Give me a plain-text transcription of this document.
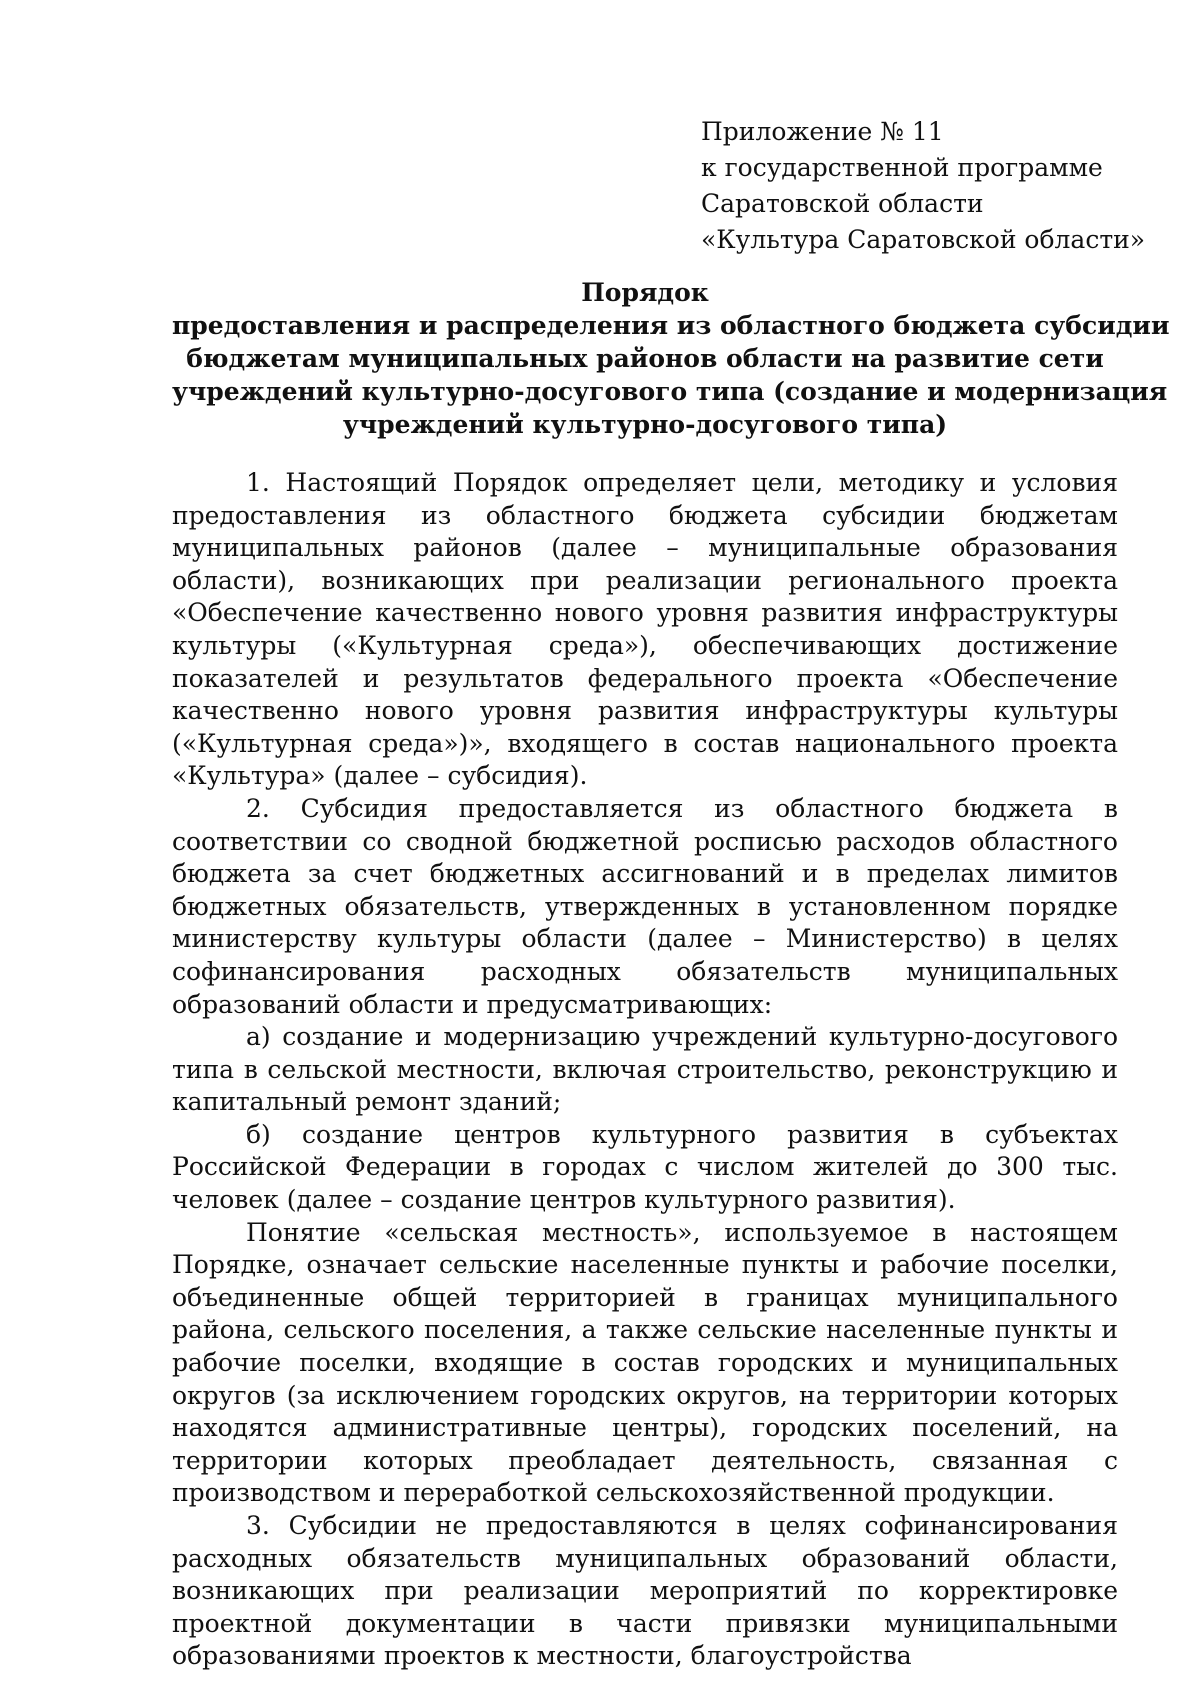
Приложение № 11
к государственной программе
Саратовской области
«Культура Саратовской области»
Порядок
предоставления и распределения из областного бюджета субсидии
бюджетам муниципальных районов области на развитие сети
учреждений культурно-досугового типа (создание и модернизация
учреждений культурно-досугового типа)

1. Настоящий Порядок определяет цели, методику и условия предоставления из областного бюджета субсидии бюджетам муниципальных районов (далее – муниципальные образования области), возникающих при реализации регионального проекта «Обеспечение качественно нового уровня развития инфраструктуры культуры («Культурная среда»), обеспечивающих достижение показателей и результатов федерального проекта «Обеспечение качественно нового уровня развития инфраструктуры культуры («Культурная среда»)», входящего в состав национального проекта «Культура» (далее – субсидия).

2. Субсидия предоставляется из областного бюджета в соответствии со сводной бюджетной росписью расходов областного бюджета за счет бюджетных ассигнований и в пределах лимитов бюджетных обязательств, утвержденных в установленном порядке министерству культуры области (далее – Министерство) в целях софинансирования расходных обязательств муниципальных образований области и предусматривающих:

а) создание и модернизацию учреждений культурно-досугового типа в сельской местности, включая строительство, реконструкцию и капитальный ремонт зданий;

б) создание центров культурного развития в субъектах Российской Федерации в городах с числом жителей до 300 тыс. человек (далее – создание центров культурного развития).

Понятие «сельская местность», используемое в настоящем Порядке, означает сельские населенные пункты и рабочие поселки, объединенные общей территорией в границах муниципального района, сельского поселения, а также сельские населенные пункты и рабочие поселки, входящие в состав городских и муниципальных округов (за исключением городских округов, на территории которых находятся административные центры), городских поселений, на территории которых преобладает деятельность, связанная с производством и переработкой сельскохозяйственной продукции.

3. Субсидии не предоставляются в целях софинансирования расходных обязательств муниципальных образований области, возникающих при реализации мероприятий по корректировке проектной документации в части привязки муниципальными образованиями проектов к местности, благоустройства
